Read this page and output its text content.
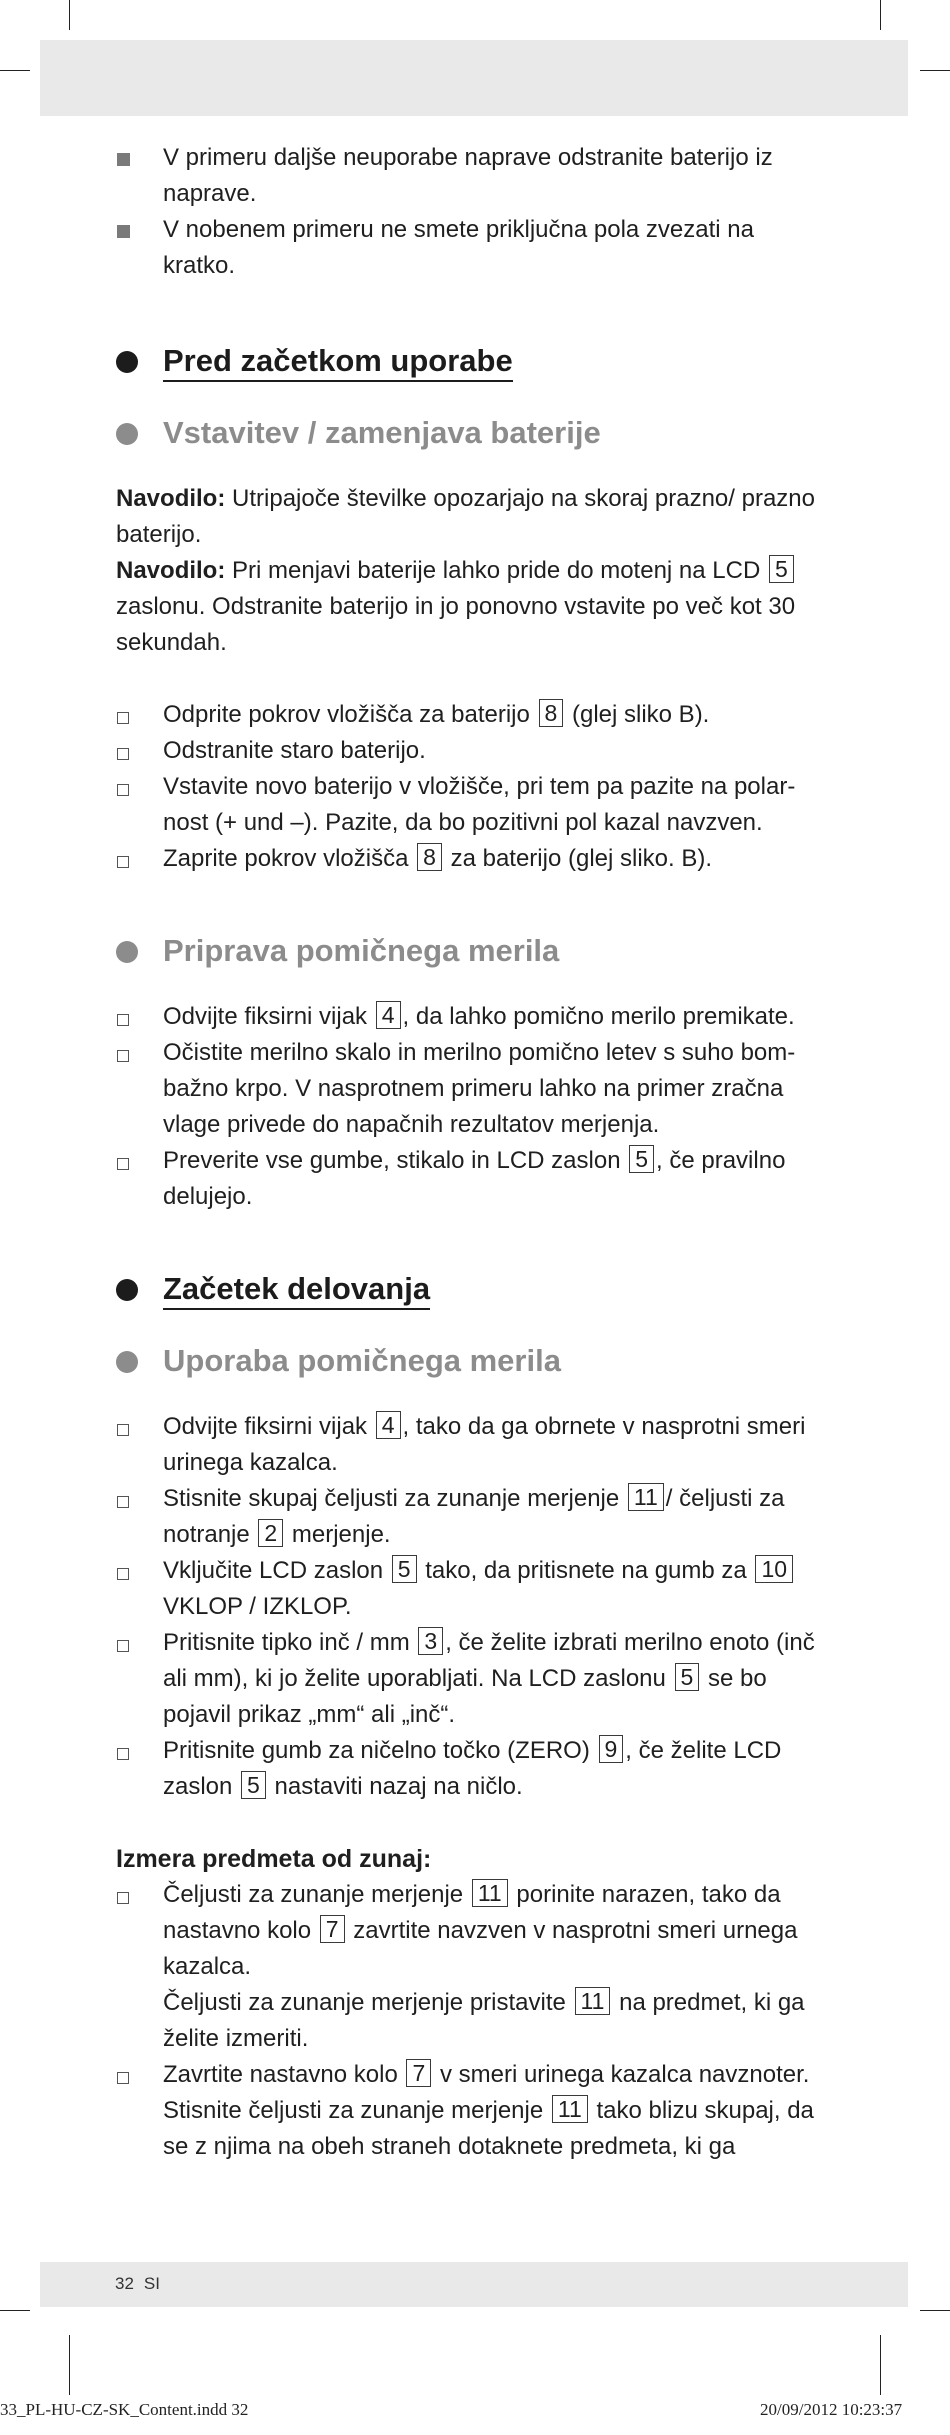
V primeru daljše neuporabe naprave odstranite baterijo iz naprave.
V nobenem primeru ne smete priključna pola zvezati na kratko.
Pred začetkom uporabe
Vstavitev / zamenjava baterije
Navodilo: Utripajoče številke opozarjajo na skoraj prazno/ prazno baterijo.
Navodilo: Pri menjavi baterije lahko pride do motenj na LCD 5 zaslonu. Odstranite baterijo in jo ponovno vstavite po več kot 30 sekundah.
Odprite pokrov vložišča za baterijo 8 (glej sliko B).
Odstranite staro baterijo.
Vstavite novo baterijo v vložišče, pri tem pa pazite na polar-nost (+ und –). Pazite, da bo pozitivni pol kazal navzven.
Zaprite pokrov vložišča 8 za baterijo (glej sliko. B).
Priprava pomičnega merila
Odvijte fiksirni vijak 4 , da lahko pomično merilo premikate.
Očistite merilno skalo in merilno pomično letev s suho bom-bažno krpo. V nasprotnem primeru lahko na primer zračna vlage privede do napačnih rezultatov merjenja.
Preverite vse gumbe, stikalo in LCD zaslon 5 , če pravilno delujejo.
Začetek delovanja
Uporaba pomičnega merila
Odvijte fiksirni vijak 4 , tako da ga obrnete v nasprotni smeri urinega kazalca.
Stisnite skupaj čeljusti za zunanje merjenje 11 / čeljusti za notranje 2 merjenje.
Vključite LCD zaslon 5 tako, da pritisnete na gumb za 10 VKLOP / IZKLOP.
Pritisnite tipko inč / mm 3 , če želite izbrati merilno enoto (inč ali mm), ki jo želite uporabljati. Na LCD zaslonu 5 se bo pojavil prikaz „mm“ ali „inč“.
Pritisnite gumb za ničelno točko (ZERO) 9 , če želite LCD zaslon 5 nastaviti nazaj na ničlo.
Izmera predmeta od zunaj:
Čeljusti za zunanje merjenje 11 porinite narazen, tako da nastavno kolo 7 zavrtite navzven v nasprotni smeri urnega kazalca.
Čeljusti za zunanje merjenje pristavite 11 na predmet, ki ga želite izmeriti.
Zavrtite nastavno kolo 7 v smeri urinega kazalca navznoter. Stisnite čeljusti za zunanje merjenje 11 tako blizu skupaj, da se z njima na obeh straneh dotaknete predmeta, ki ga
32 SI
33_PL-HU-CZ-SK_Content.indd 32	20/09/2012 10:23:37
